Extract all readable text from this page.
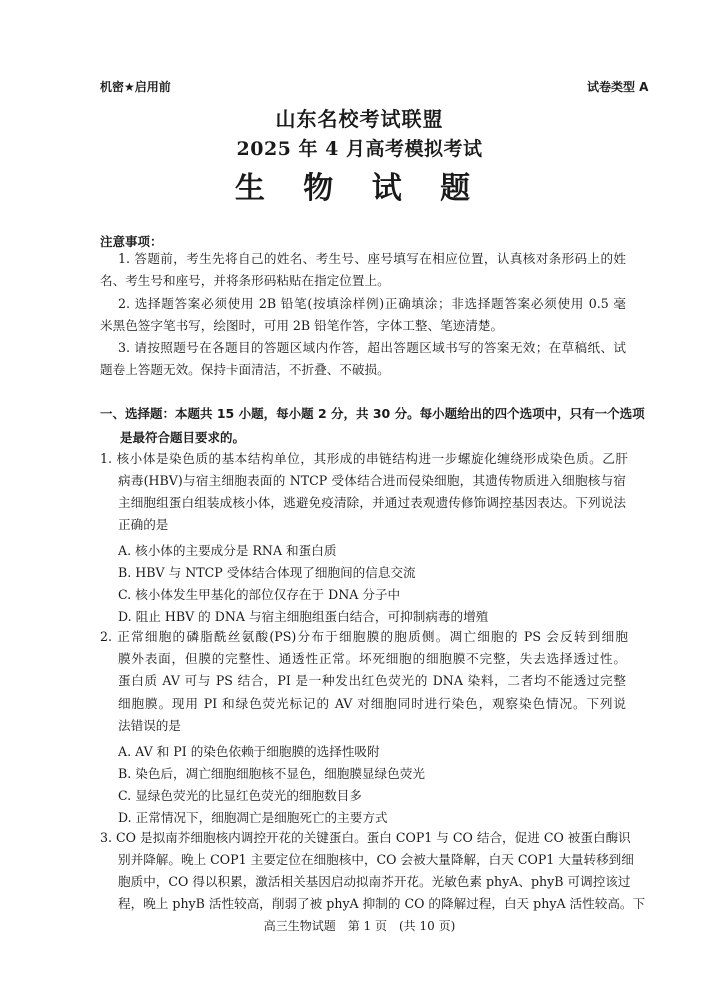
机密★启用前	试卷类型 A
山东名校考试联盟
2025 年 4 月高考模拟考试
生 物 试 题
注意事项：
1. 答题前，考生先将自己的姓名、考生号、座号填写在相应位置，认真核对条形码上的姓
名、考生号和座号，并将条形码粘贴在指定位置上。
2. 选择题答案必须使用 2B 铅笔(按填涂样例)正确填涂；非选择题答案必须使用 0.5 毫
米黑色签字笔书写，绘图时，可用 2B 铅笔作答，字体工整、笔迹清楚。
3. 请按照题号在各题目的答题区域内作答，超出答题区域书写的答案无效；在草稿纸、试
题卷上答题无效。保持卡面清洁，不折叠、不破损。
一、选择题：本题共 15 小题，每小题 2 分，共 30 分。每小题给出的四个选项中，只有一个选项
是最符合题目要求的。
1. 核小体是染色质的基本结构单位，其形成的串链结构进一步螺旋化缠绕形成染色质。乙肝
病毒(HBV)与宿主细胞表面的 NTCP 受体结合进而侵染细胞，其遗传物质进入细胞核与宿
主细胞组蛋白组装成核小体，逃避免疫清除，并通过表观遗传修饰调控基因表达。下列说法
正确的是
A. 核小体的主要成分是 RNA 和蛋白质
B. HBV 与 NTCP 受体结合体现了细胞间的信息交流
C. 核小体发生甲基化的部位仅存在于 DNA 分子中
D. 阻止 HBV 的 DNA 与宿主细胞组蛋白结合，可抑制病毒的增殖
2. 正常细胞的磷脂酰丝氨酸(PS)分布于细胞膜的胞质侧。凋亡细胞的 PS 会反转到细胞
膜外表面，但膜的完整性、通透性正常。坏死细胞的细胞膜不完整，失去选择透过性。
蛋白质 AV 可与 PS 结合，PI 是一种发出红色荧光的 DNA 染料，二者均不能透过完整
细胞膜。现用 PI 和绿色荧光标记的 AV 对细胞同时进行染色，观察染色情况。下列说
法错误的是
A. AV 和 PI 的染色依赖于细胞膜的选择性吸附
B. 染色后，凋亡细胞细胞核不显色，细胞膜显绿色荧光
C. 显绿色荧光的比显红色荧光的细胞数目多
D. 正常情况下，细胞凋亡是细胞死亡的主要方式
3. CO 是拟南芥细胞核内调控开花的关键蛋白。蛋白 COP1 与 CO 结合，促进 CO 被蛋白酶识
别并降解。晚上 COP1 主要定位在细胞核中，CO 会被大量降解，白天 COP1 大量转移到细
胞质中，CO 得以积累，激活相关基因启动拟南芥开花。光敏色素 phyA、phyB 可调控该过
程，晚上 phyB 活性较高，削弱了被 phyA 抑制的 CO 的降解过程，白天 phyA 活性较高。下
高三生物试题　第 1 页　(共 10 页)
